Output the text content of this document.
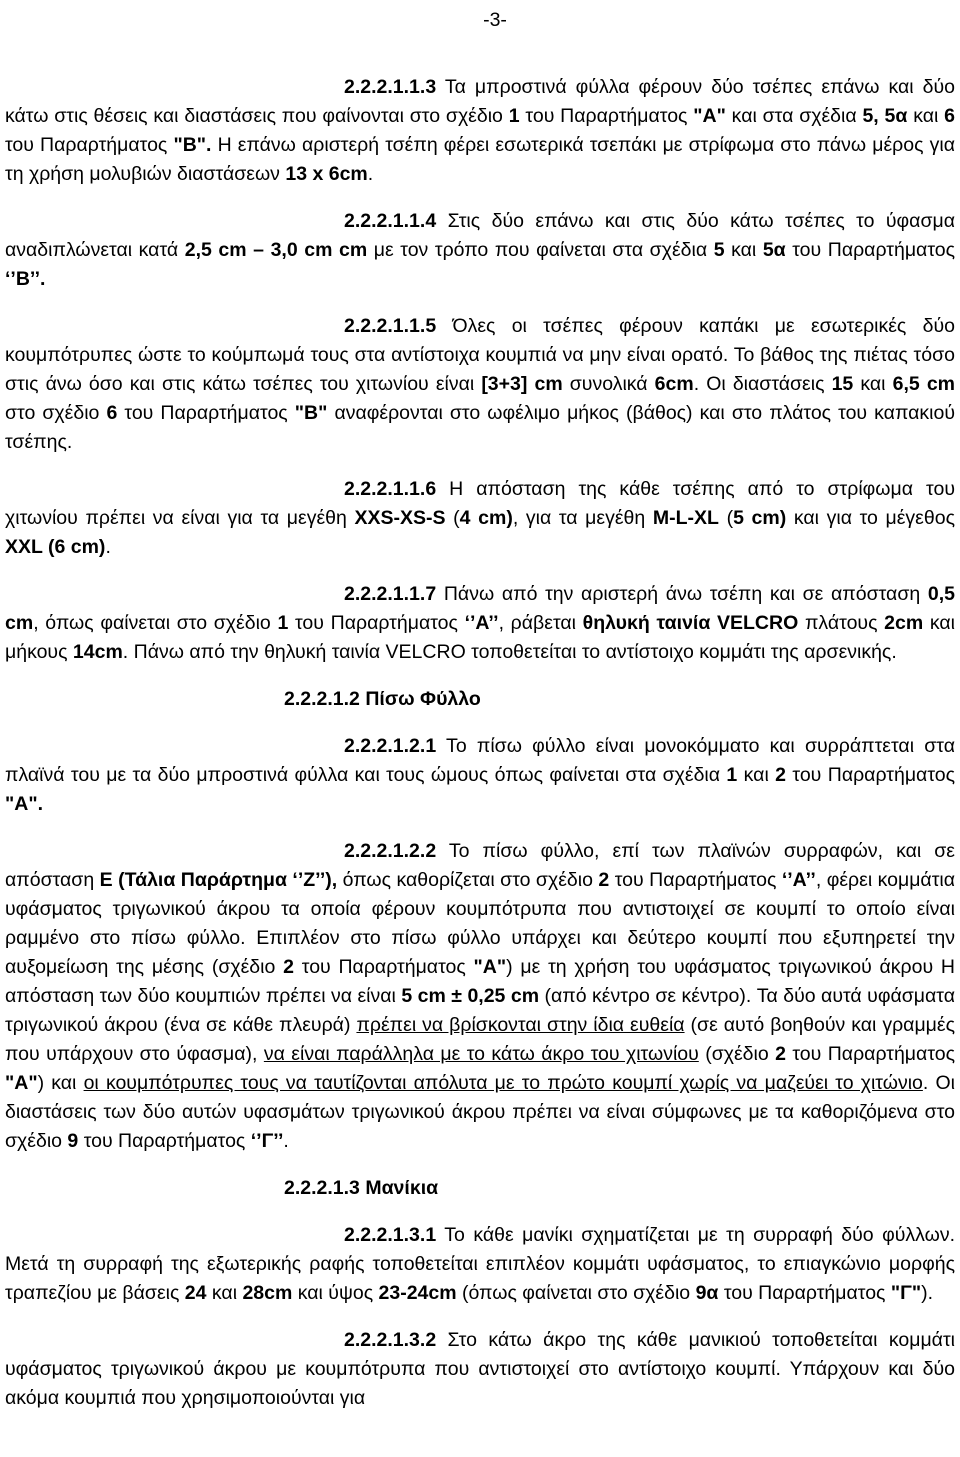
-3-

2.2.2.1.1.3 Τα μπροστινά φύλλα φέρουν δύο τσέπες επάνω και δύο κάτω στις θέσεις και διαστάσεις που φαίνονται στο σχέδιο 1 του Παραρτήματος "Α" και στα σχέδια 5, 5α και 6 του Παραρτήματος "Β". Η επάνω αριστερή τσέπη φέρει εσωτερικά τσεπάκι με στρίφωμα στο πάνω μέρος για τη χρήση μολυβιών διαστάσεων 13 x 6cm.

2.2.2.1.1.4 Στις δύο επάνω και στις δύο κάτω τσέπες το ύφασμα αναδιπλώνεται κατά 2,5 cm – 3,0 cm cm με τον τρόπο που φαίνεται στα σχέδια 5 και 5α του Παραρτήματος ‘’Β’’.

2.2.2.1.1.5 Όλες οι τσέπες φέρουν καπάκι με εσωτερικές δύο κουμπότρυπες ώστε το κούμπωμά τους στα αντίστοιχα κουμπιά να μην είναι ορατό. Το βάθος της πιέτας τόσο στις άνω όσο και στις κάτω τσέπες του χιτωνίου είναι [3+3] cm συνολικά 6cm. Οι διαστάσεις 15 και 6,5 cm στο σχέδιο 6 του Παραρτήματος "Β" αναφέρονται στο ωφέλιμο μήκος (βάθος) και στο πλάτος του καπακιού τσέπης.

2.2.2.1.1.6 Η απόσταση της κάθε τσέπης από το στρίφωμα του χιτωνίου πρέπει να είναι για τα μεγέθη XXS-XS-S (4 cm), για τα μεγέθη M-L-XL (5 cm) και για το μέγεθος XXL (6 cm).

2.2.2.1.1.7 Πάνω από την αριστερή άνω τσέπη και σε απόσταση 0,5 cm, όπως φαίνεται στο σχέδιο 1 του Παραρτήματος ‘’Α’’, ράβεται θηλυκή ταινία VELCRO πλάτους 2cm και μήκους 14cm. Πάνω από την θηλυκή ταινία VELCRO τοποθετείται το αντίστοιχο κομμάτι της αρσενικής.

2.2.2.1.2 Πίσω Φύλλο

2.2.2.1.2.1 Το πίσω φύλλο είναι μονοκόμματο και συρράπτεται στα πλαϊνά του με τα δύο μπροστινά φύλλα και τους ώμους όπως φαίνεται στα σχέδια 1 και 2 του Παραρτήματος "Α".

2.2.2.1.2.2 Το πίσω φύλλο, επί των πλαϊνών συρραφών, και σε απόσταση Ε (Τάλια Παράρτημα ‘’Ζ’’), όπως καθορίζεται στο σχέδιο 2 του Παραρτήματος ‘’Α’’, φέρει κομμάτια υφάσματος τριγωνικού άκρου τα οποία φέρουν κουμπότρυπα που αντιστοιχεί σε κουμπί το οποίο είναι ραμμένο στο πίσω φύλλο. Επιπλέον στο πίσω φύλλο υπάρχει και δεύτερο κουμπί που εξυπηρετεί την αυξομείωση της μέσης (σχέδιο 2 του Παραρτήματος "Α") με τη χρήση του υφάσματος τριγωνικού άκρου Η απόσταση των δύο κουμπιών πρέπει να είναι 5 cm ± 0,25 cm (από κέντρο σε κέντρο). Τα δύο αυτά υφάσματα τριγωνικού άκρου (ένα σε κάθε πλευρά) πρέπει να βρίσκονται στην ίδια ευθεία (σε αυτό βοηθούν και γραμμές που υπάρχουν στο ύφασμα), να είναι παράλληλα με το κάτω άκρο του χιτωνίου (σχέδιο 2 του Παραρτήματος "Α") και οι κουμπότρυπες τους να ταυτίζονται απόλυτα με το πρώτο κουμπί χωρίς να μαζεύει το χιτώνιο. Οι διαστάσεις των δύο αυτών υφασμάτων τριγωνικού άκρου πρέπει να είναι σύμφωνες με τα καθοριζόμενα στο σχέδιο 9 του Παραρτήματος ‘’Γ’’.

2.2.2.1.3 Μανίκια

2.2.2.1.3.1 Το κάθε μανίκι σχηματίζεται με τη συρραφή δύο φύλλων. Μετά τη συρραφή της εξωτερικής ραφής τοποθετείται επιπλέον κομμάτι υφάσματος, το επιαγκώνιο μορφής τραπεζίου με βάσεις 24 και 28cm και ύψος 23-24cm (όπως φαίνεται στο σχέδιο 9α του Παραρτήματος "Γ").

2.2.2.1.3.2 Στο κάτω άκρο της κάθε μανικιού τοποθετείται κομμάτι υφάσματος τριγωνικού άκρου με κουμπότρυπα που αντιστοιχεί στο αντίστοιχο κουμπί. Υπάρχουν και δύο ακόμα κουμπιά που χρησιμοποιούνται για
